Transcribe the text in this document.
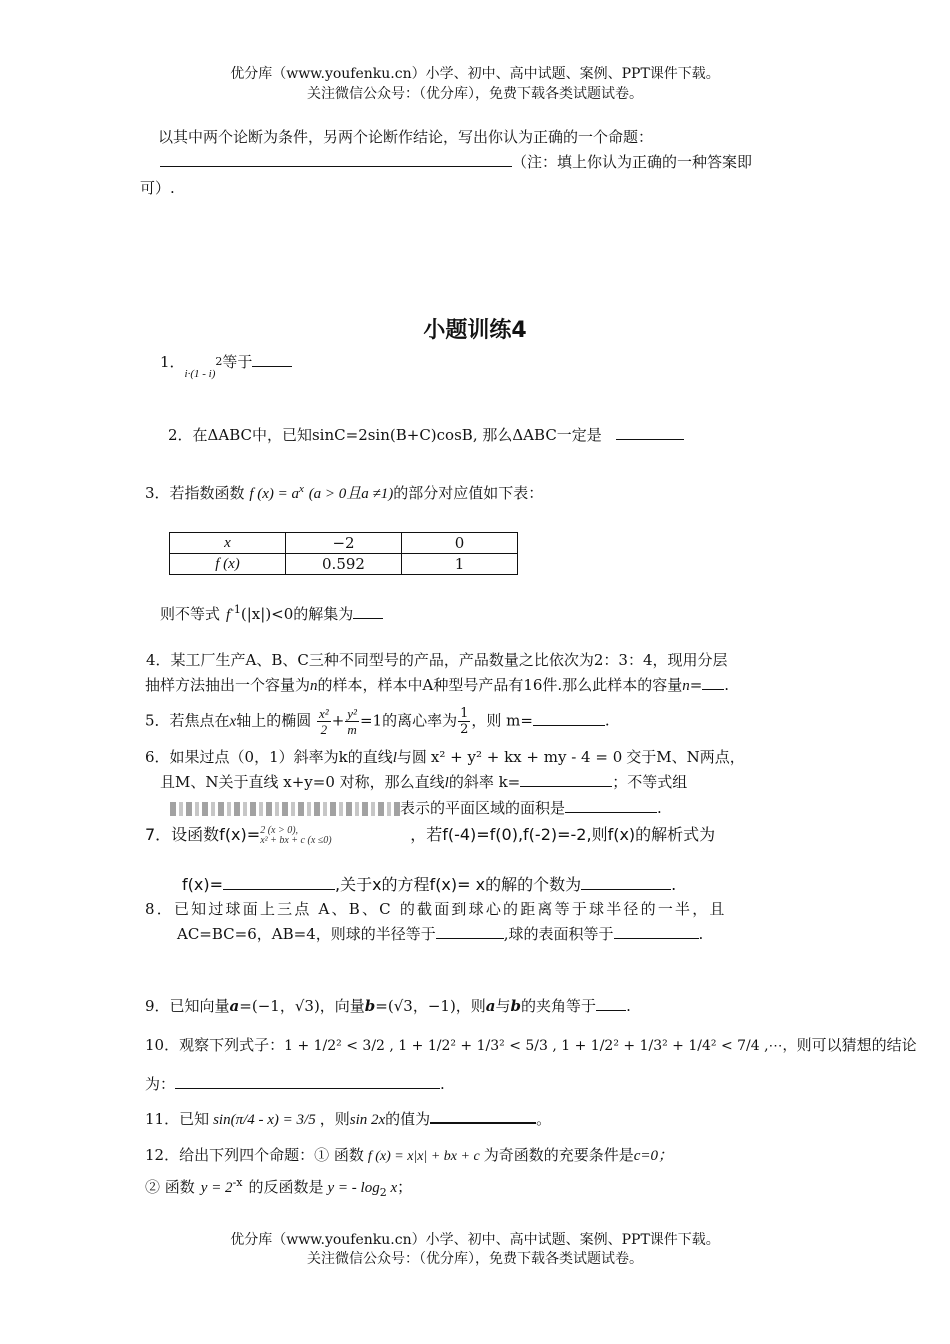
优分库（www.youfenku.cn）小学、初中、高中试题、案例、PPT课件下载。
关注微信公众号：（优分库），免费下载各类试题试卷。
以其中两个论断为条件，另两个论断作结论，写出你认为正确的一个命题：
（注：填上你认为正确的一种答案即
可）.
小题训练4
1．$_{i\cdot(1 - i)}$2等于
2．在ΔABC中，已知sinC=2sin(B+C)cosB, 那么ΔABC一定是
3．若指数函数 f $(x) = a^x$ (a > 0且a ≠1)的部分对应值如下表：
x	−2	0
f (x)	0.592	1
则不等式 $f^{-1}(|x|)<0$的解集为
4．某工厂生产A、B、C三种不同型号的产品，产品数量之比依次为2：3：4，现用分层
抽样方法抽出一个容量为n的样本，样本中A种型号产品有16件.那么此样本的容量n= .
5．若焦点在x轴上的椭圆 $\frac{\text{x²}}{2} + \frac{\text{y²}}{m} =1$的离心率为 $\frac{1}{2}$ ，则 m=	.
6．如果过点（0，1）斜率为k的直线l与圆 x² + y² + kx + my - 4 = 0 交于M、N两点，
且M、N关于直线 x+y=0 对称，那么直线l的斜率 k=	；不等式组
表示的平面区域的面积是	.
7．设函数f(x)= 2 (x > 0),
x² + bx + c (x ≤0)	，若f(-4)=f(0),f(-2)=-2,则f(x)的解析式为
f(x)=	,关于x的方程f(x)= x的解的个数为	.
8．已知过球面上三点 A、B、C 的截面到球心的距离等于球半径的一半，且
AC=BC=6，AB=4，则球的半径等于	,球的表面积等于	.
9．已知向量a=(−1，√3)，向量b=(√3，−1)，则a与b的夹角等于 .
10．观察下列式子：1 + 1/2² < 3/2 , 1 + 1/2² + 1/3² < 5/3 , 1 + 1/2² + 1/3² + 1/4² < 7/4 ,⋯，则可以猜想的结论
为：	.
11．已知 sin(π/4 - x) = 3/5 ，则sin 2x的值为	。
12．给出下列四个命题：① 函数 f (x) = x|x| + bx + c 为奇函数的充要条件是c=0；
② 函数 $y = 2^{-x}$ 的反函数是 y = - $\log_2 x$；
优分库（www.youfenku.cn）小学、初中、高中试题、案例、PPT课件下载。
关注微信公众号：（优分库），免费下载各类试题试卷。
